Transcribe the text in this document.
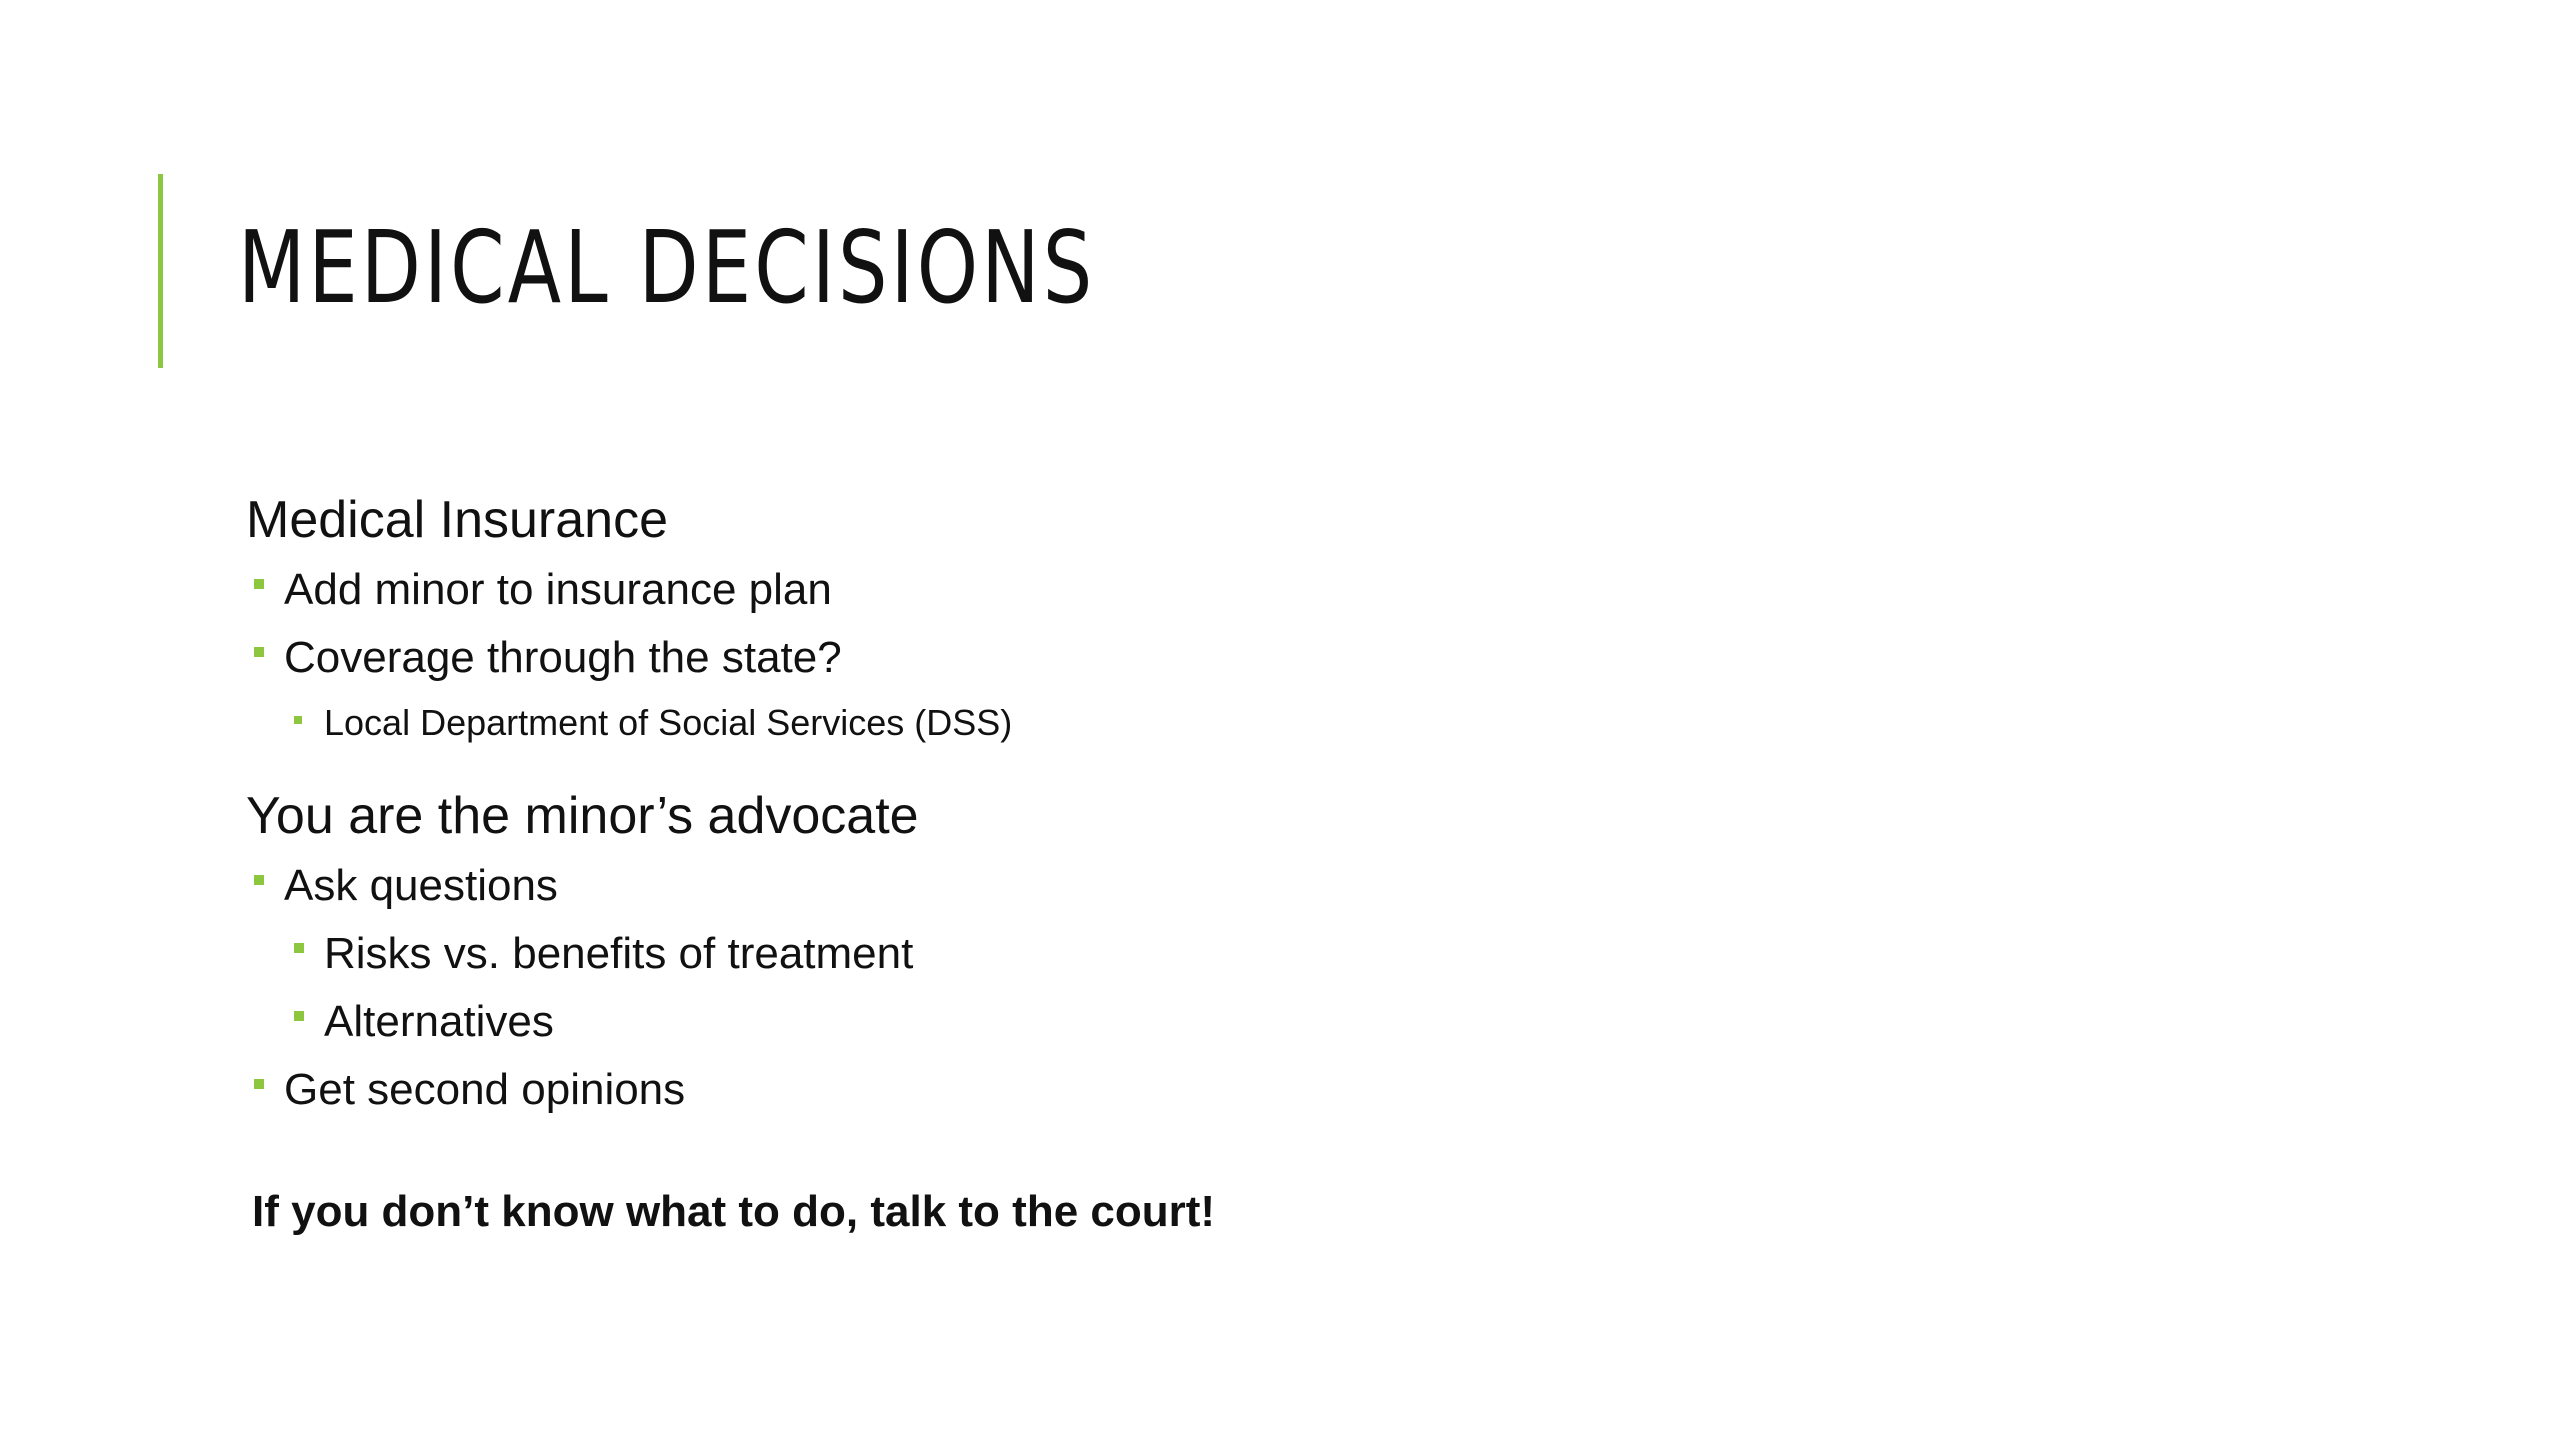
MEDICAL DECISIONS

Medical Insurance

Add minor to insurance plan
Coverage through the state?
Local Department of Social Services (DSS)

You are the minor’s advocate

Ask questions
Risks vs. benefits of treatment
Alternatives
Get second opinions

If you don’t know what to do, talk to the court!
